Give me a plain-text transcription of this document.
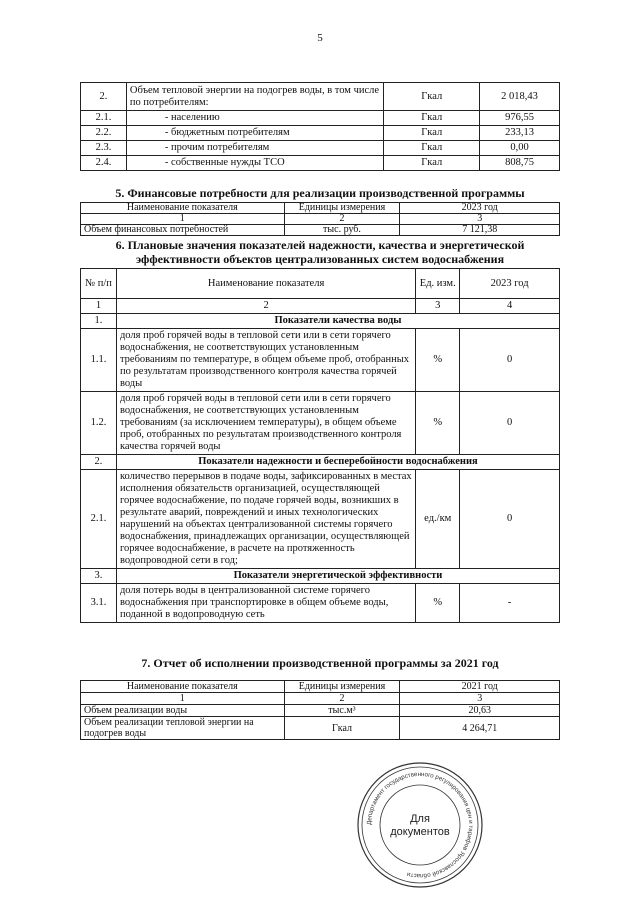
5
2.	Объем тепловой энергии на подогрев воды, в том числе по потребителям:	Гкал	2 018,43
2.1.	- населению	Гкал	976,55
2.2.	- бюджетным потребителям	Гкал	233,13
2.3.	- прочим потребителям	Гкал	0,00
2.4.	- собственные нужды ТСО	Гкал	808,75
5. Финансовые потребности для реализации производственной программы
Наименование показателя	Единицы измерения	2023 год
1	2	3
Объем финансовых потребностей	тыс. руб.	7 121,38
6. Плановые значения показателей надежности, качества и энергетической
эффективности объектов централизованных систем водоснабжения
№ п/п	Наименование показателя	Ед. изм.	2023 год
1	2	3	4
1.	Показатели качества воды		
1.1.	доля проб горячей воды в тепловой сети или в сети горячего водоснабжения, не соответствующих установленным требованиям по температуре, в общем объеме проб, отобранных по результатам производственного контроля качества горячей воды	%	0
1.2.	доля проб горячей воды в тепловой сети или в сети горячего водоснабжения, не соответствующих установленным требованиям (за исключением температуры), в общем объеме проб, отобранных по результатам производственного контроля качества горячей воды	%	0
2.	Показатели надежности и бесперебойности водоснабжения		
2.1.	количество перерывов в подаче воды, зафиксированных в местах исполнения обязательств организацией, осуществляющей горячее водоснабжение, по подаче горячей воды, возникших в результате аварий, повреждений и иных технологических нарушений на объектах централизованной системы горячего водоснабжения, принадлежащих организации, осуществляющей горячее водоснабжение, в расчете на протяженность водопроводной сети в год;	ед./км	0
3.	Показатели энергетической эффективности		
3.1.	доля потерь воды в централизованной системе горячего водоснабжения при транспортировке в общем объеме воды, поданной в водопроводную сеть	%	-
7. Отчет об исполнении производственной программы за 2021 год
Наименование показателя	Единицы измерения	2021 год
1	2	3
Объем реализации воды	тыс.м³	20,63
Объем реализации тепловой энергии на подогрев воды	Гкал	4 264,71
Департамент государственного регулирования цен и тарифов Ярославской области
Для
документов
